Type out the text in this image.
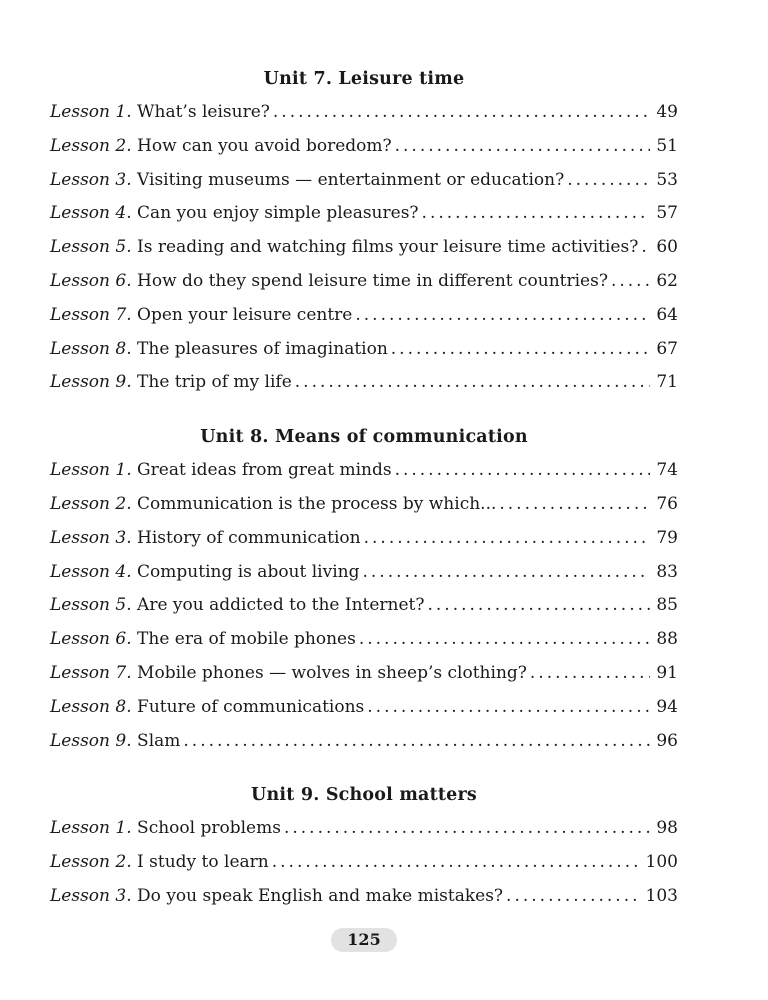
Unit 7. Leisure time
Lesson 1. What’s leisure? .....	49
Lesson 2. How can you avoid boredom? .....	51
Lesson 3. Visiting museums — entertainment or education? .....	53
Lesson 4. Can you enjoy simple pleasures? .....	57
Lesson 5. Is reading and watching films your leisure time activities? .....	60
Lesson 6. How do they spend leisure time in different countries? .....	62
Lesson 7. Open your leisure centre .....	64
Lesson 8. The pleasures of imagination .....	67
Lesson 9. The trip of my life .....	71
Unit 8. Means of communication
Lesson 1. Great ideas from great minds .....	74
Lesson 2. Communication is the process by which... .....	76
Lesson 3. History of communication .....	79
Lesson 4. Computing is about living .....	83
Lesson 5. Are you addicted to the Internet? .....	85
Lesson 6. The era of mobile phones .....	88
Lesson 7. Mobile phones — wolves in sheep’s clothing? .....	91
Lesson 8. Future of communications .....	94
Lesson 9. Slam .....	96
Unit 9. School matters
Lesson 1. School problems .....	98
Lesson 2. I study to learn .....	100
Lesson 3. Do you speak English and make mistakes? .....	103
125
